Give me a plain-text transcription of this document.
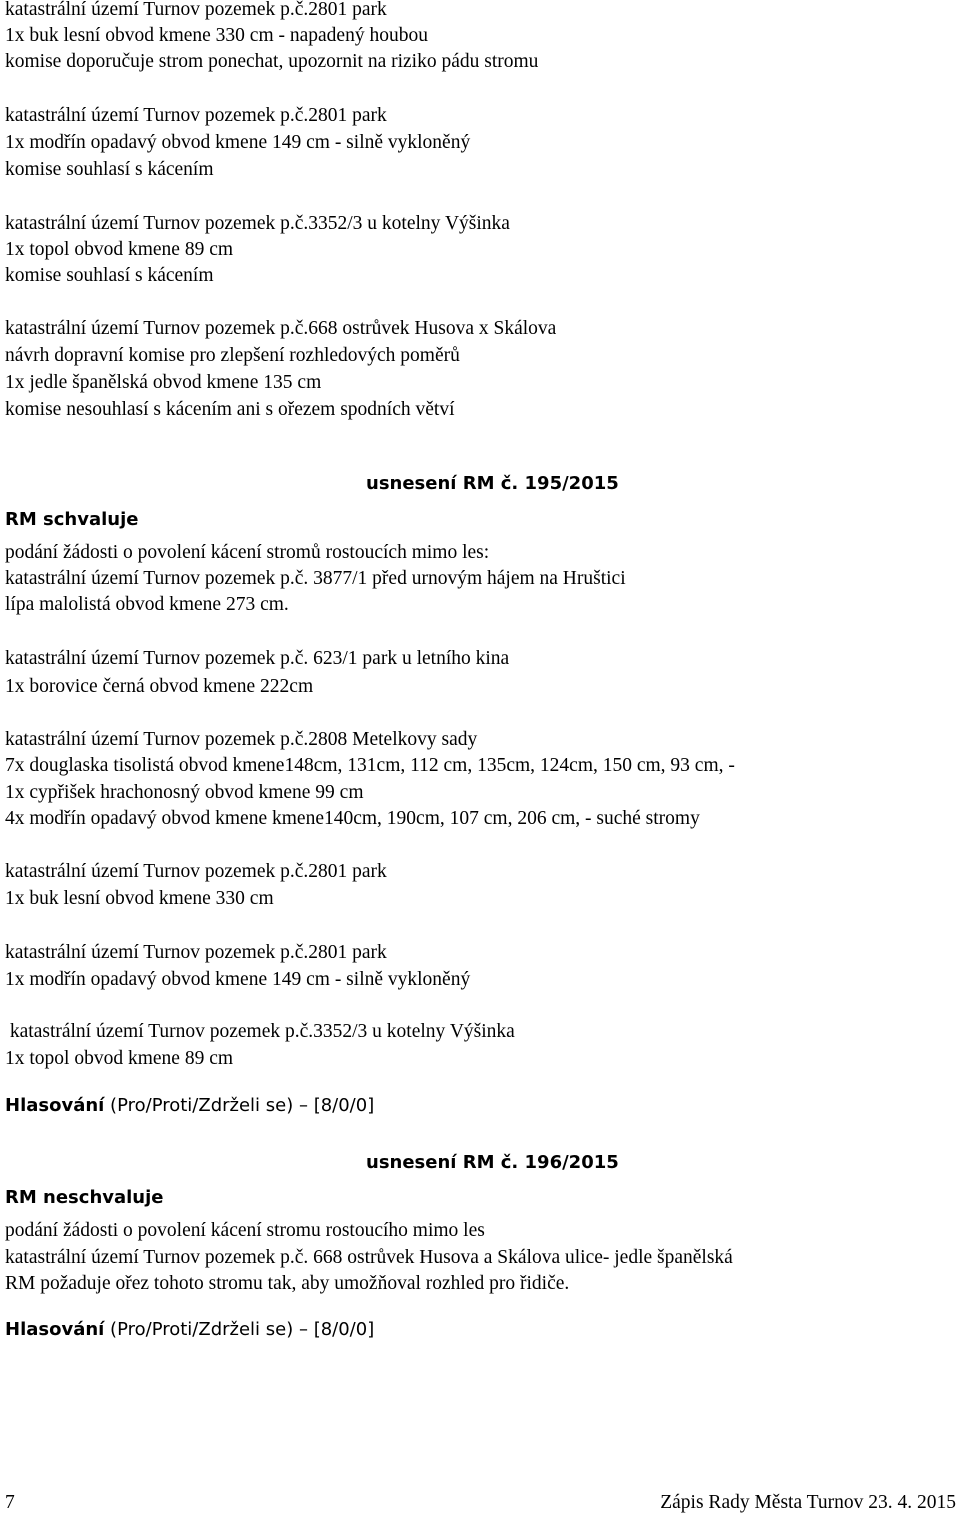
katastrální území Turnov pozemek p.č.2801 park
1x buk lesní obvod kmene 330 cm - napadený houbou
komise doporučuje strom ponechat, upozornit na riziko pádu stromu
katastrální území Turnov pozemek p.č.2801 park
1x modřín opadavý obvod kmene 149 cm - silně vykloněný
komise souhlasí s kácením
katastrální území Turnov pozemek p.č.3352/3 u kotelny Výšinka
1x topol obvod kmene 89 cm
komise souhlasí s kácením
katastrální území Turnov pozemek p.č.668 ostrůvek Husova x Skálova
návrh dopravní komise pro zlepšení rozhledových poměrů
1x jedle španělská obvod kmene 135 cm
komise nesouhlasí s kácením ani s ořezem spodních větví
usnesení RM č. 195/2015
RM schvaluje
podání žádosti o povolení kácení stromů rostoucích mimo les:
katastrální území Turnov pozemek p.č. 3877/1 před urnovým hájem na Hruštici
lípa malolistá obvod kmene 273 cm.
katastrální území Turnov pozemek p.č. 623/1 park u letního kina
1x borovice černá obvod kmene 222cm
katastrální území Turnov pozemek p.č.2808 Metelkovy sady
7x douglaska tisolistá obvod kmene148cm, 131cm, 112 cm, 135cm, 124cm, 150 cm, 93 cm, -
1x cypřišek hrachonosný obvod kmene 99 cm
4x modřín opadavý obvod kmene kmene140cm, 190cm, 107 cm, 206 cm, - suché stromy
katastrální území Turnov pozemek p.č.2801 park
1x buk lesní obvod kmene 330 cm
katastrální území Turnov pozemek p.č.2801 park
1x modřín opadavý obvod kmene 149 cm - silně vykloněný
katastrální území Turnov pozemek p.č.3352/3 u kotelny Výšinka
1x topol obvod kmene 89 cm
Hlasování (Pro/Proti/Zdrželi se) – [8/0/0]
usnesení RM č. 196/2015
RM neschvaluje
podání žádosti o povolení kácení stromu rostoucího mimo les
katastrální území Turnov pozemek p.č. 668 ostrůvek Husova a Skálova ulice- jedle španělská
RM požaduje ořez tohoto stromu tak, aby umožňoval rozhled pro řidiče.
Hlasování (Pro/Proti/Zdrželi se) – [8/0/0]
7	Zápis Rady Města Turnov 23. 4. 2015
